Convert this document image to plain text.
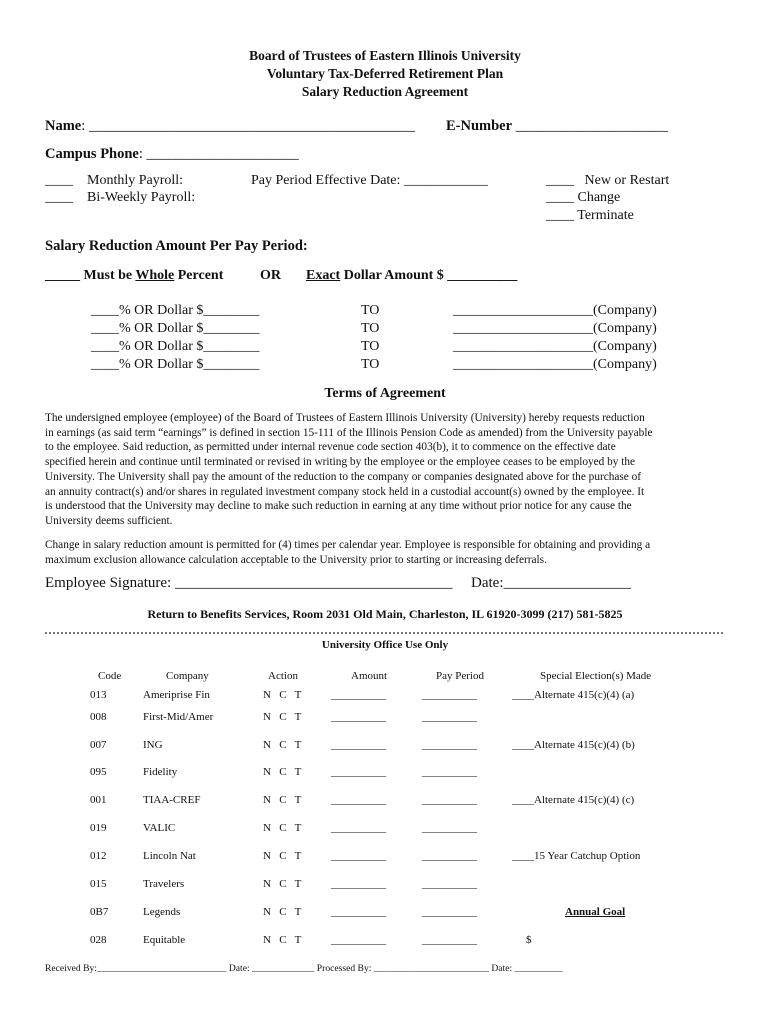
Board of Trustees of Eastern Illinois University
Voluntary Tax-Deferred Retirement Plan
Salary Reduction Agreement
Name: _____________________________________________ E-Number _____________________
Campus Phone: _____________________
____    Monthly Payroll:
____    Bi-Weekly Payroll:
Pay Period Effective Date: ____________	____   New or Restart
____ Change
____ Terminate
Salary Reduction Amount Per Pay Period:
_____ Must be Whole Percent	OR Exact Dollar Amount $ __________
____% OR Dollar $________	TO	____________________(Company)
____% OR Dollar $________	TO	____________________(Company)
____% OR Dollar $________	TO	____________________(Company)
____% OR Dollar $________	TO	____________________(Company)
Terms of Agreement
The undersigned employee (employee) of the Board of Trustees of Eastern Illinois University (University) hereby requests reduction
in earnings (as said term “earnings” is defined in section 15-111 of the Illinois Pension Code as amended) from the University payable
to the employee. Said reduction, as permitted under internal revenue code section 403(b), it to commence on the effective date
specified herein and continue until terminated or revised in writing by the employee or the employee ceases to be employed by the
University. The University shall pay the amount of the reduction to the company or companies designated above for the purchase of
an annuity contract(s) and/or shares in regulated investment company stock held in a custodial account(s) owned by the employee. It
is understood that the University may decline to make such reduction in earning at any time without prior notice for any cause the
University deems sufficient.
Change in salary reduction amount is permitted for (4) times per calendar year. Employee is responsible for obtaining and providing a
maximum exclusion allowance calculation acceptable to the University prior to starting or increasing deferrals.
Employee Signature: _____________________________________ Date:_________________
Return to Benefits Services, Room 2031 Old Main, Charleston, IL 61920-3099 (217) 581-5825
University Office Use Only
Code	Company	Action	Amount	Pay Period	Special Election(s) Made
013	Ameriprise Fin	N   C   T	__________	__________	____Alternate 415(c)(4) (a)
008	First-Mid/Amer	N   C   T	__________	__________
007	ING	N   C   T	__________	__________	____Alternate 415(c)(4) (b)
095	Fidelity	N   C   T	__________	__________
001	TIAA-CREF	N   C   T	__________	__________	____Alternate 415(c)(4) (c)
019	VALIC	N   C   T	__________	__________
012	Lincoln Nat	N   C   T	__________	__________	____15 Year Catchup Option
015	Travelers	N   C   T	__________	__________
0B7	Legends	N   C   T	__________	__________	Annual Goal
028	Equitable	N   C   T	__________	__________	$
Received By:___________________________ Date: _____________ Processed By: ________________________ Date: __________
